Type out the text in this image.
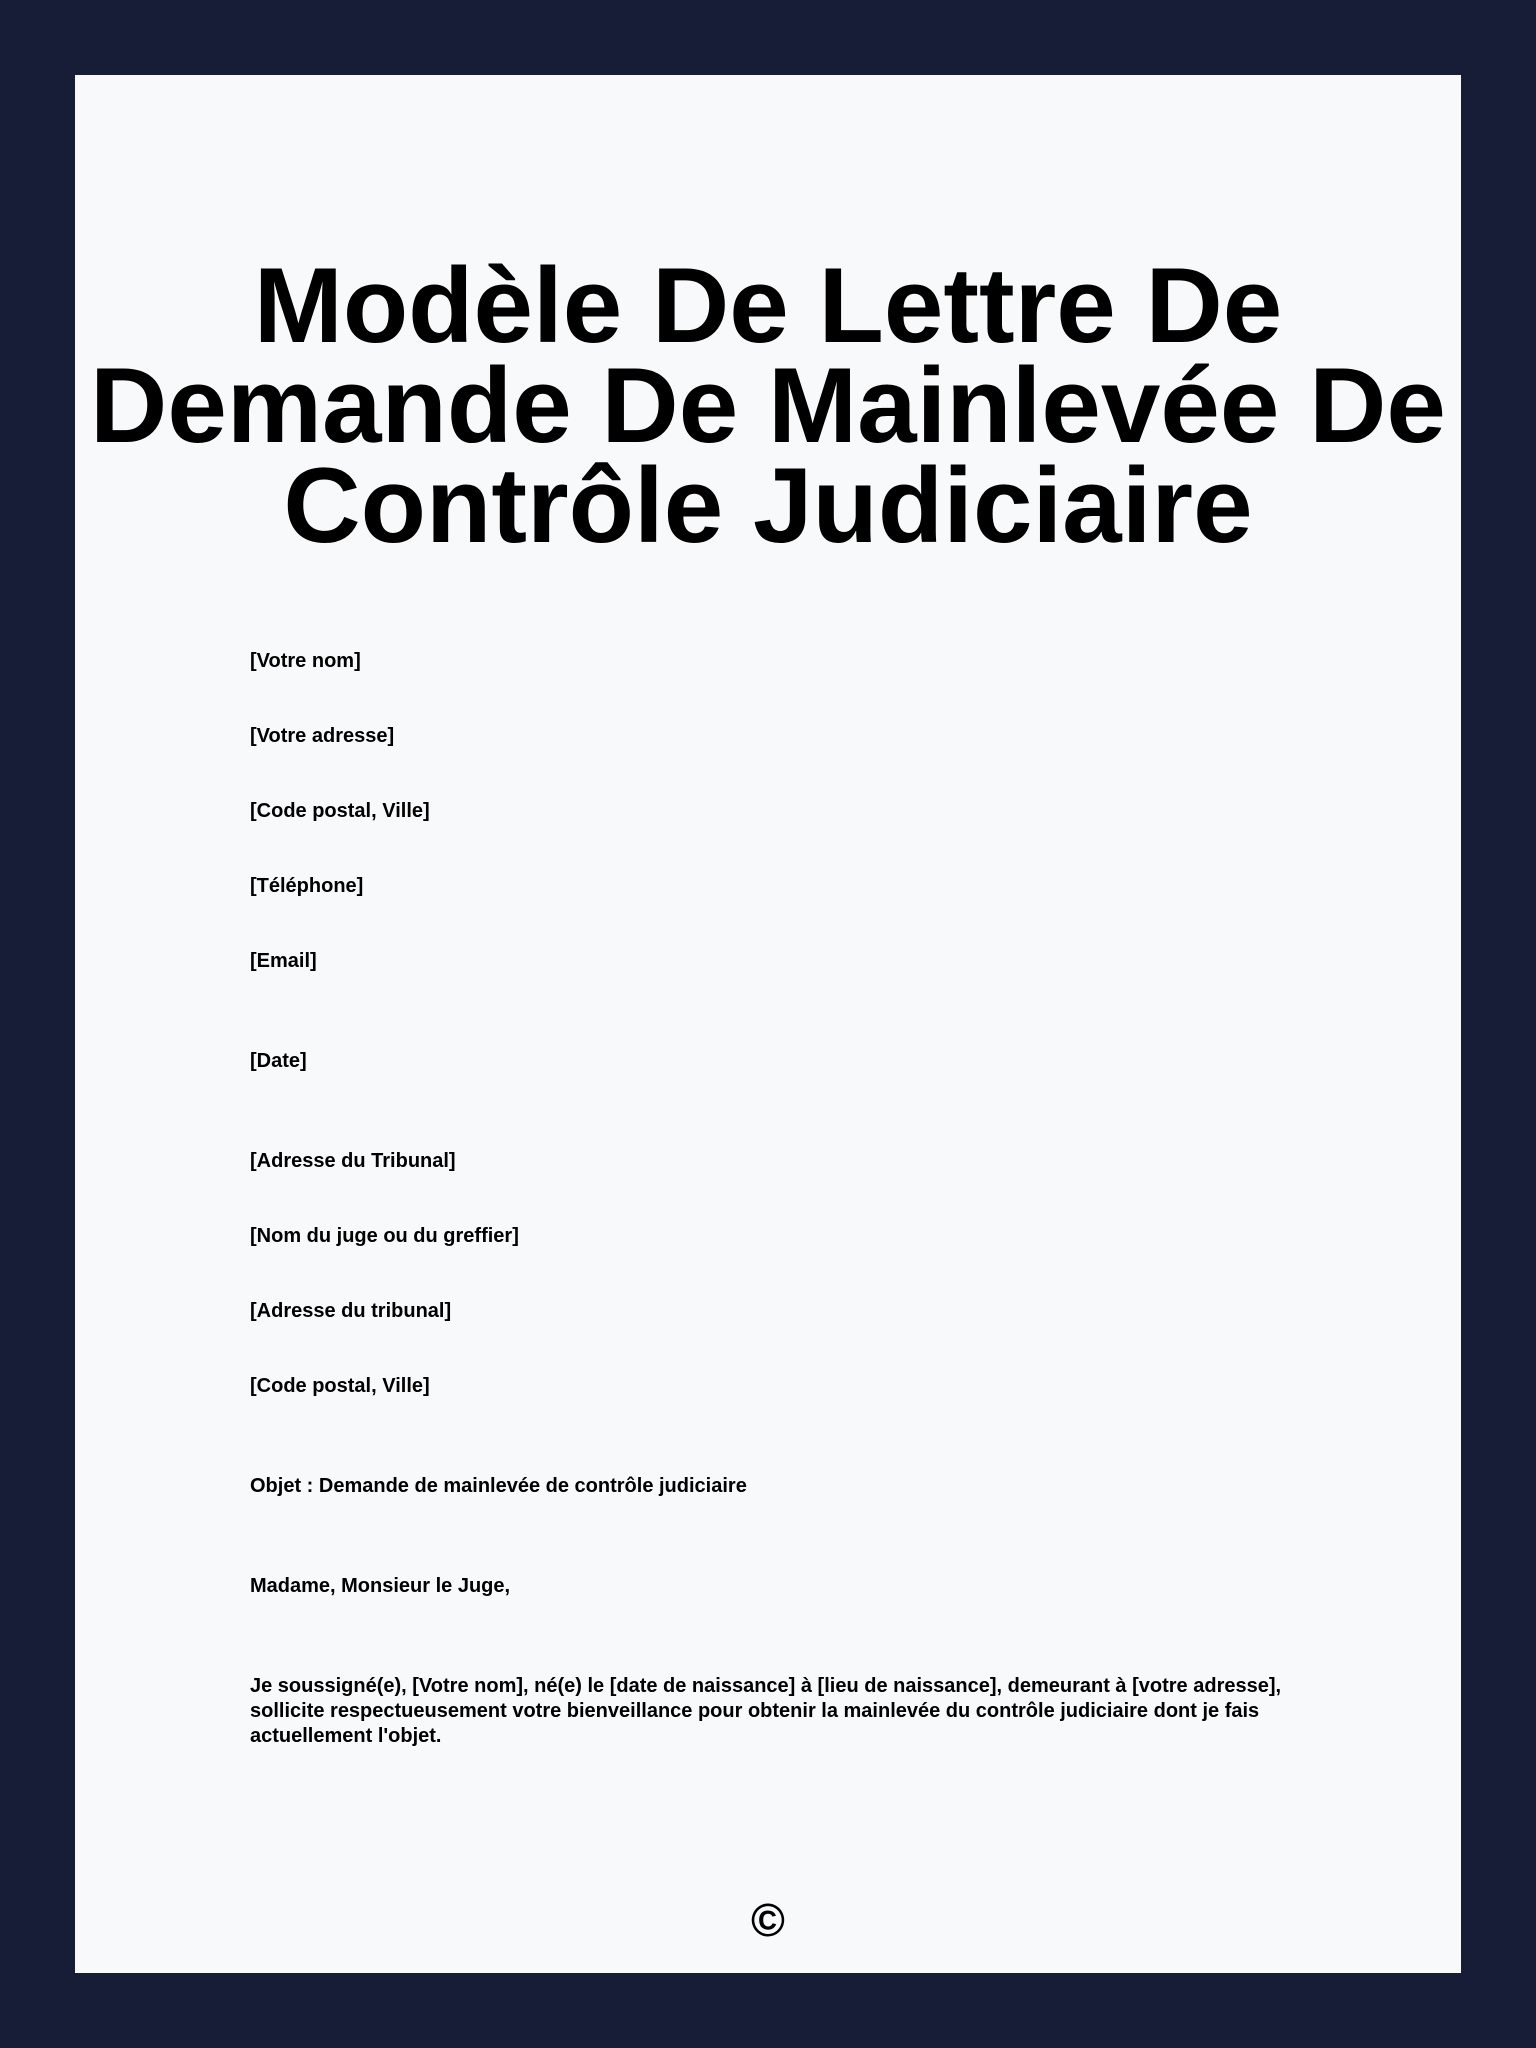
Modèle De Lettre De Demande De Mainlevée De Contrôle Judiciaire
[Votre nom]
[Votre adresse]
[Code postal, Ville]
[Téléphone]
[Email]
[Date]
[Adresse du Tribunal]
[Nom du juge ou du greffier]
[Adresse du tribunal]
[Code postal, Ville]
Objet : Demande de mainlevée de contrôle judiciaire
Madame, Monsieur le Juge,
Je soussigné(e), [Votre nom], né(e) le [date de naissance] à [lieu de naissance], demeurant à [votre adresse], sollicite respectueusement votre bienveillance pour obtenir la mainlevée du contrôle judiciaire dont je fais actuellement l'objet.
©
